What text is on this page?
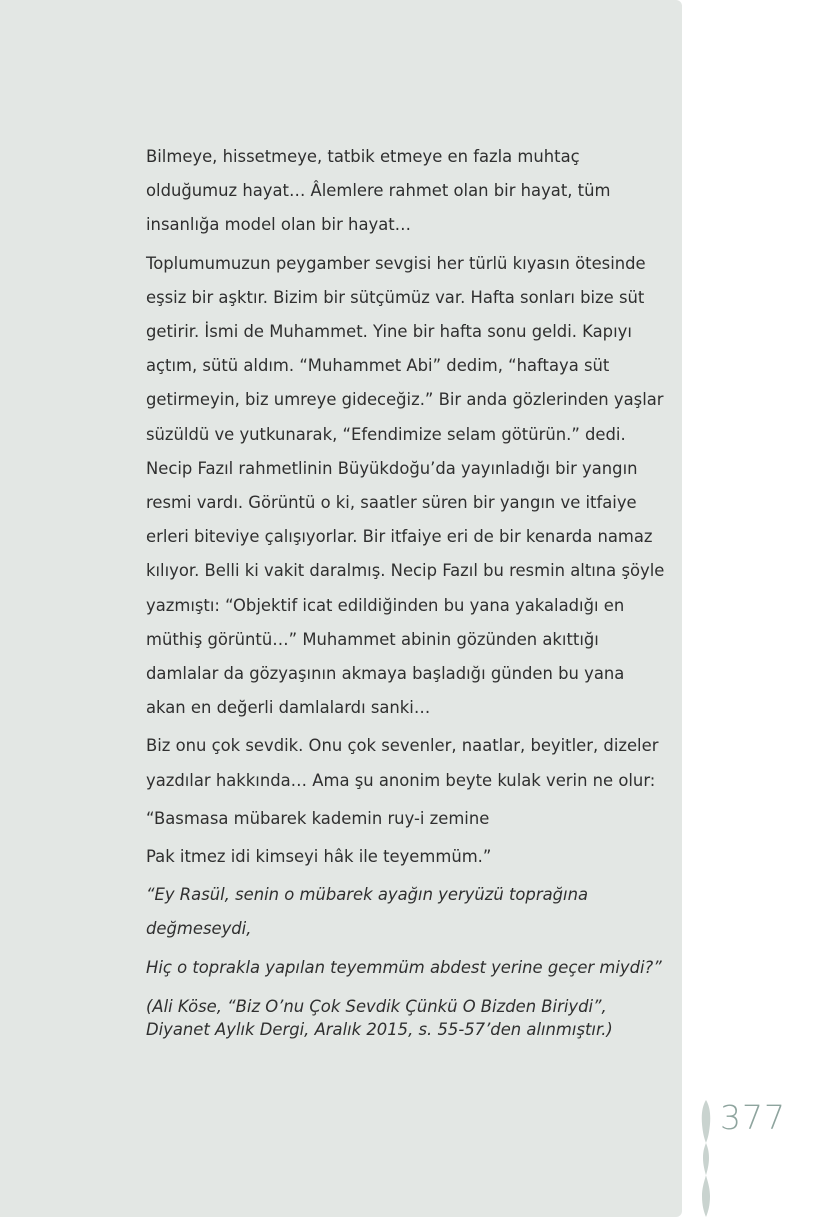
Bilmeye, hissetmeye, tatbik etmeye en fazla muhtaç olduğumuz hayat… Âlemlere rahmet olan bir hayat, tüm insanlığa model olan bir hayat…

Toplumumuzun peygamber sevgisi her türlü kıyasın ötesinde eşsiz bir aşktır. Bizim bir sütçümüz var. Hafta sonları bize süt getirir. İsmi de Muhammet. Yine bir hafta sonu geldi. Kapıyı açtım, sütü aldım. “Muhammet Abi” dedim, “haftaya süt getirmeyin, biz umreye gideceğiz.” Bir anda gözlerinden yaşlar süzüldü ve yutkunarak, “Efendimize selam götürün.” dedi. Necip Fazıl rahmetlinin Büyükdoğu’da yayınladığı bir yangın resmi vardı. Görüntü o ki, saatler süren bir yangın ve itfaiye erleri biteviye çalışıyorlar. Bir itfaiye eri de bir kenarda namaz kılıyor. Belli ki vakit daralmış. Necip Fazıl bu resmin altına şöyle yazmıştı: “Objektif icat edildiğinden bu yana yakaladığı en müthiş görüntü…” Muhammet abinin gözünden akıttığı damlalar da gözyaşının akmaya başladığı günden bu yana akan en değerli damlalardı sanki…

Biz onu çok sevdik. Onu çok sevenler, naatlar, beyitler, dizeler yazdılar hakkında… Ama şu anonim beyte kulak verin ne olur:

“Basmasa mübarek kademin ruy-i zemine

Pak itmez idi kimseyi hâk ile teyemmüm.”

“Ey Rasül, senin o mübarek ayağın yeryüzü toprağına değmeseydi,

Hiç o toprakla yapılan teyemmüm abdest yerine geçer miydi?”

(Ali Köse, “Biz O’nu Çok Sevdik Çünkü O Bizden Biriydi”, Diyanet Aylık Dergi, Aralık 2015, s. 55-57’den alınmıştır.)

377
